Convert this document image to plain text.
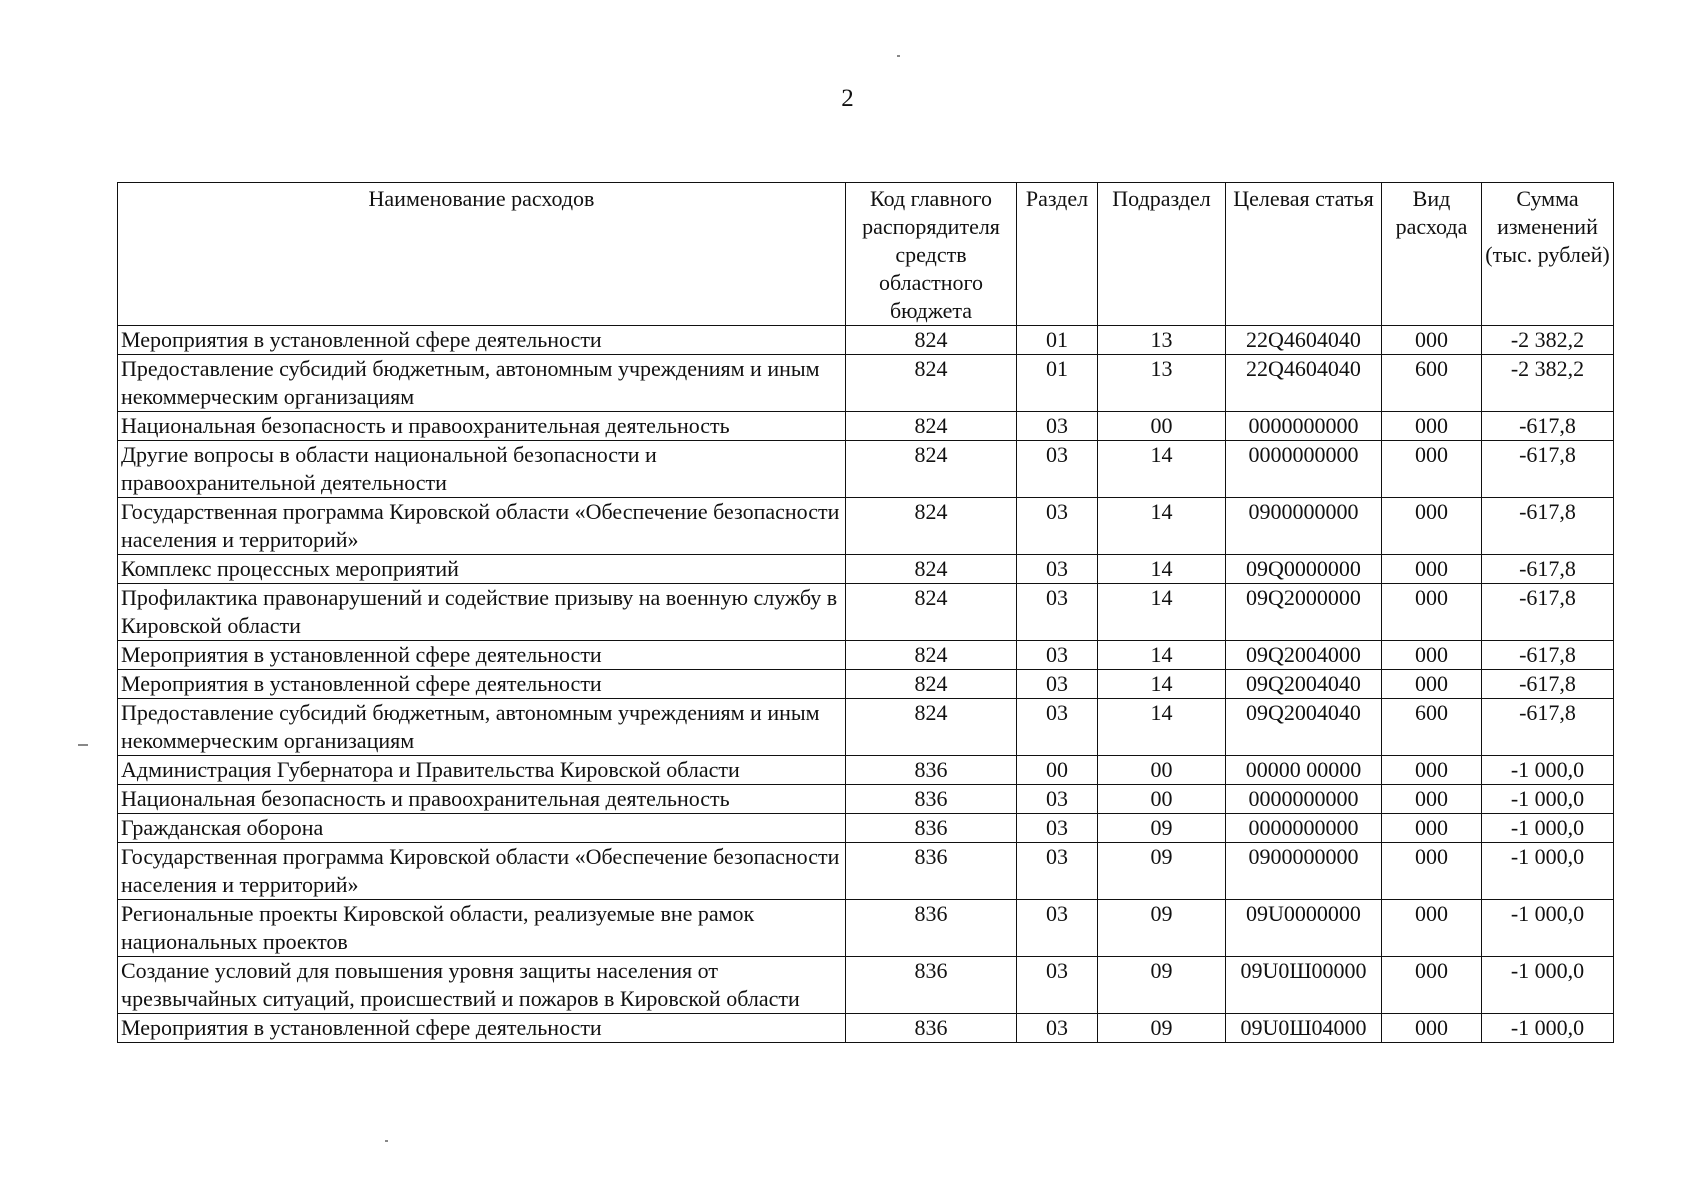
2
Наименование расходов	Код главного распорядителя средств областного бюджета	Раздел	Подраздел	Целевая статья	Вид расхода	Сумма изменений (тыс. рублей)
Мероприятия в установленной сфере деятельности	824	01	13	22Q4604040	000	-2 382,2
Предоставление субсидий бюджетным, автономным учреждениям и иным некоммерческим организациям	824	01	13	22Q4604040	600	-2 382,2
Национальная безопасность и правоохранительная деятельность	824	03	00	0000000000	000	-617,8
Другие вопросы в области национальной безопасности и правоохранительной деятельности	824	03	14	0000000000	000	-617,8
Государственная программа Кировской области «Обеспечение безопасности населения и территорий»	824	03	14	0900000000	000	-617,8
Комплекс процессных мероприятий	824	03	14	09Q0000000	000	-617,8
Профилактика правонарушений и содействие призыву на военную службу в Кировской области	824	03	14	09Q2000000	000	-617,8
Мероприятия в установленной сфере деятельности	824	03	14	09Q2004000	000	-617,8
Мероприятия в установленной сфере деятельности	824	03	14	09Q2004040	000	-617,8
Предоставление субсидий бюджетным, автономным учреждениям и иным некоммерческим организациям	824	03	14	09Q2004040	600	-617,8
Администрация Губернатора и Правительства Кировской области	836	00	00	00000 00000	000	-1 000,0
Национальная безопасность и правоохранительная деятельность	836	03	00	0000000000	000	-1 000,0
Гражданская оборона	836	03	09	0000000000	000	-1 000,0
Государственная программа Кировской области «Обеспечение безопасности населения и территорий»	836	03	09	0900000000	000	-1 000,0
Региональные проекты Кировской области, реализуемые вне рамок национальных проектов	836	03	09	09U0000000	000	-1 000,0
Создание условий для повышения уровня защиты населения от чрезвычайных ситуаций, происшествий и пожаров в Кировской области	836	03	09	09U0Ш00000	000	-1 000,0
Мероприятия в установленной сфере деятельности	836	03	09	09U0Ш04000	000	-1 000,0
